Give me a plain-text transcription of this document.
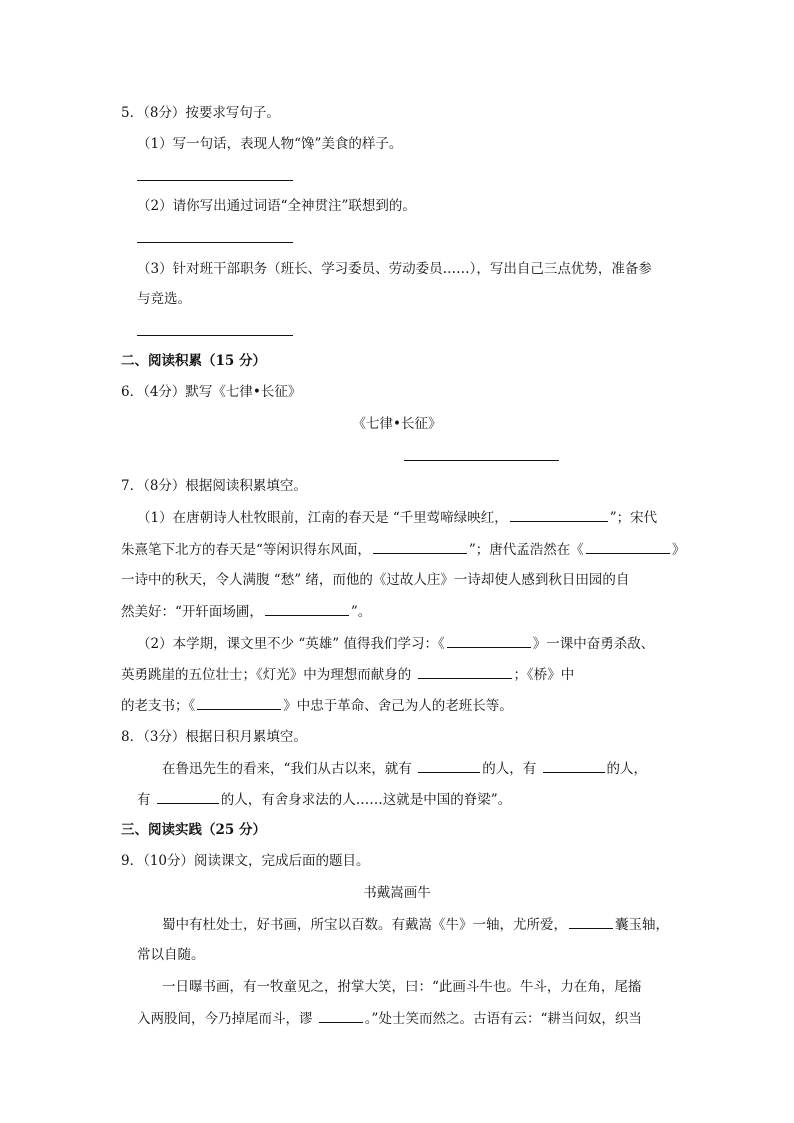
5．（8分）按要求写句子。
（1）写一句话，表现人物“馋”美食的样子。
（2）请你写出通过词语“全神贯注”联想到的。
（3）针对班干部职务（班长、学习委员、劳动委员……），写出自己三点优势，准备参
与竞选。
二、阅读积累（15 分）
6．（4分）默写《七律•长征》
《七律•长征》
7．（8分）根据阅读积累填空。
（1）在唐朝诗人杜牧眼前，江南的春天是 “千里莺啼绿映红，	”；宋代
朱熹笔下北方的春天是“等闲识得东风面，	”；唐代孟浩然在《	》
一诗中的秋天，令人满腹 “愁” 绪，而他的《过故人庄》一诗却使人感到秋日田园的自
然美好：“开轩面场圃，	”。
（2）本学期，课文里不少 “英雄” 值得我们学习：《	》一课中奋勇杀敌、
英勇跳崖的五位壮士；《灯光》中为理想而献身的	；《桥》中
的老支书；《	》中忠于革命、舍己为人的老班长等。
8．（3分）根据日积月累填空。
在鲁迅先生的看来，“我们从古以来，就有	的人，有	的人，
有	的人，有舍身求法的人……这就是中国的脊梁”。
三、阅读实践（25 分）
9．（10分）阅读课文，完成后面的题目。
书戴嵩画牛
蜀中有杜处士，好书画，所宝以百数。有戴嵩《牛》一轴，尤所爱，	囊玉轴，
常以自随。
一日曝书画，有一牧童见之，拊掌大笑，曰：“此画斗牛也。牛斗，力在角，尾搐
入两股间，今乃掉尾而斗，谬	。”处士笑而然之。古语有云：“耕当问奴，织当
